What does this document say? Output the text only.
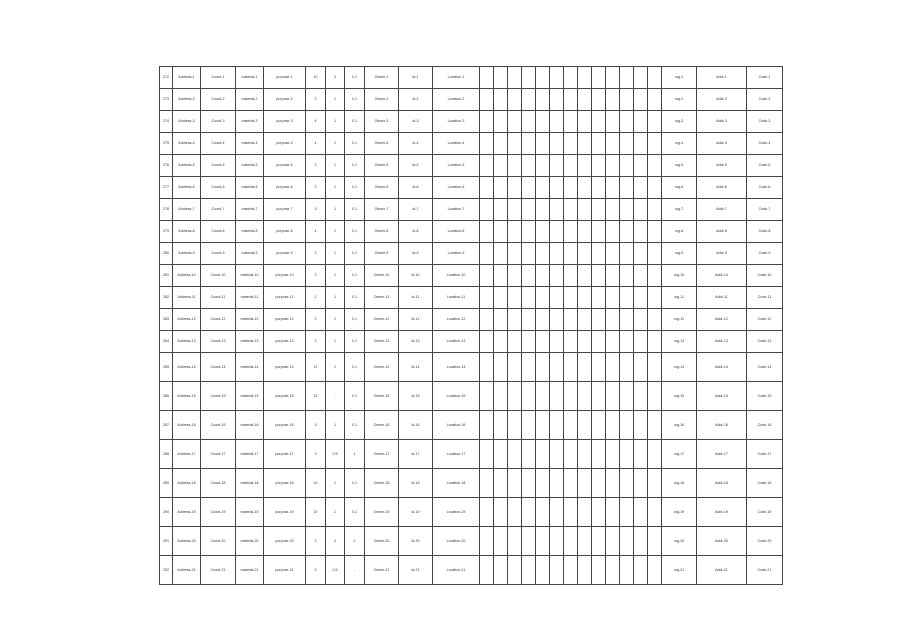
272	Address-1	Coord-1	material-1	purpose-1	10	3	0,1	Owner-1	id-1	Location-1														org-1	Addr-1	Code-1
273	Address-2	Coord-2	material-2	purpose-2	2	1	0,1	Owner-2	id-2	Location-2														org-2	Addr-2	Code-2
274	Address-3	Coord-3	material-3	purpose-3	4	1	0,1	Owner-3	id-3	Location-3														org-3	Addr-3	Code-3
275	Address-4	Coord-4	material-4	purpose-4	4	1	0,1	Owner-4	id-4	Location-4														org-4	Addr-4	Code-4
276	Address-5	Coord-5	material-5	purpose-5	3	1	0,1	Owner-5	id-5	Location-5														org-5	Addr-5	Code-5
277	Address-6	Coord-6	material-6	purpose-6	2	1	0,1	Owner-6	id-6	Location-6														org-6	Addr-6	Code-6
278	Address-7	Coord-7	material-7	purpose-7	3	1	0,1	Owner-7	id-7	Location-7														org-7	Addr-7	Code-7
279	Address-8	Coord-8	material-8	purpose-8	4	1	0,1	Owner-8	id-8	Location-8														org-8	Addr-8	Code-8
280	Address-9	Coord-9	material-9	purpose-9	3	1	0,1	Owner-9	id-9	Location-9														org-9	Addr-9	Code-9
281	Address-10	Coord-10	material-10	purpose-10	3	1	0,1	Owner-10	id-10	Location-10														org-10	Addr-10	Code-10
282	Address-11	Coord-11	material-11	purpose-11	2	1	0,1	Owner-11	id-11	Location-11														org-11	Addr-11	Code-11
283	Address-12	Coord-12	material-12	purpose-12	2	1	0,1	Owner-12	id-12	Location-12														org-12	Addr-12	Code-12
284	Address-13	Coord-13	material-13	purpose-13	3	1	0,1	Owner-13	id-13	Location-13														org-13	Addr-13	Code-13
285	Address-14	Coord-14	material-14	purpose-14	12	1	0,1	Owner-14	id-14	Location-14														org-14	Addr-14	Code-14
286	Address-15	Coord-15	material-15	purpose-15	12	-	0,1	Owner-15	id-15	Location-15														org-15	Addr-15	Code-15
287	Address-16	Coord-16	material-16	purpose-16	3	1	0,1	Owner-16	id-16	Location-16														org-16	Addr-16	Code-16
288	Address-17	Coord-17	material-17	purpose-17	3	0,5	1	Owner-17	id-17	Location-17														org-17	Addr-17	Code-17
289	Address-18	Coord-18	material-18	purpose-18	10	1	0,1	Owner-18	id-18	Location-18														org-18	Addr-18	Code-18
290	Address-19	Coord-19	material-19	purpose-19	10	1	0,1	Owner-19	id-19	Location-19														org-19	Addr-19	Code-19
291	Address-20	Coord-20	material-20	purpose-20	3	0	0	Owner-20	id-20	Location-20														org-20	Addr-20	Code-20
292	Address-21	Coord-21	material-21	purpose-21	2	0,5	-	Owner-21	id-21	Location-21														org-21	Addr-21	Code-21
